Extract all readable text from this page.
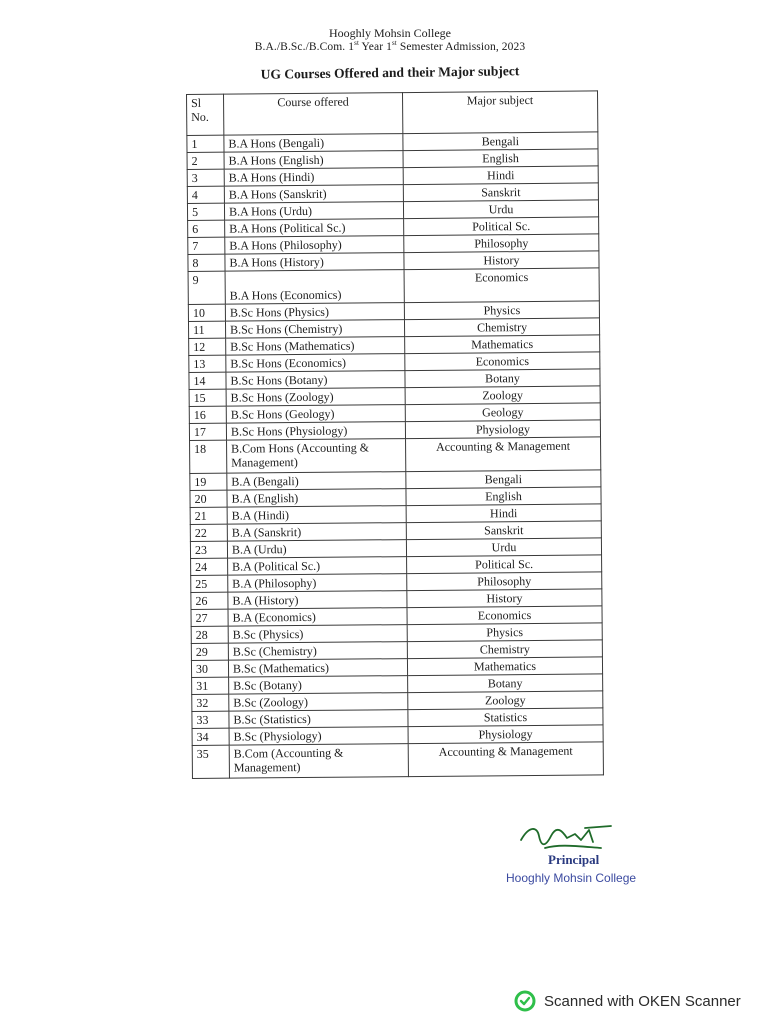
Hooghly Mohsin College
B.A./B.Sc./B.Com. 1st Year 1st Semester Admission, 2023
UG Courses Offered and their Major subject
Sl No.	Course offered	Major subject
1	B.A Hons (Bengali)	Bengali
2	B.A Hons (English)	English
3	B.A Hons (Hindi)	Hindi
4	B.A Hons (Sanskrit)	Sanskrit
5	B.A Hons (Urdu)	Urdu
6	B.A Hons (Political Sc.)	Political Sc.
7	B.A Hons (Philosophy)	Philosophy
8	B.A Hons (History)	History
9	B.A Hons (Economics)	Economics
10	B.Sc Hons (Physics)	Physics
11	B.Sc Hons (Chemistry)	Chemistry
12	B.Sc Hons (Mathematics)	Mathematics
13	B.Sc Hons (Economics)	Economics
14	B.Sc Hons (Botany)	Botany
15	B.Sc Hons (Zoology)	Zoology
16	B.Sc Hons (Geology)	Geology
17	B.Sc Hons (Physiology)	Physiology
18	B.Com Hons (Accounting & Management)	Accounting & Management
19	B.A (Bengali)	Bengali
20	B.A (English)	English
21	B.A (Hindi)	Hindi
22	B.A (Sanskrit)	Sanskrit
23	B.A (Urdu)	Urdu
24	B.A (Political Sc.)	Political Sc.
25	B.A (Philosophy)	Philosophy
26	B.A (History)	History
27	B.A (Economics)	Economics
28	B.Sc (Physics)	Physics
29	B.Sc (Chemistry)	Chemistry
30	B.Sc (Mathematics)	Mathematics
31	B.Sc (Botany)	Botany
32	B.Sc (Zoology)	Zoology
33	B.Sc (Statistics)	Statistics
34	B.Sc (Physiology)	Physiology
35	B.Com (Accounting & Management)	Accounting & Management
Principal
Hooghly Mohsin College
Scanned with OKEN Scanner
